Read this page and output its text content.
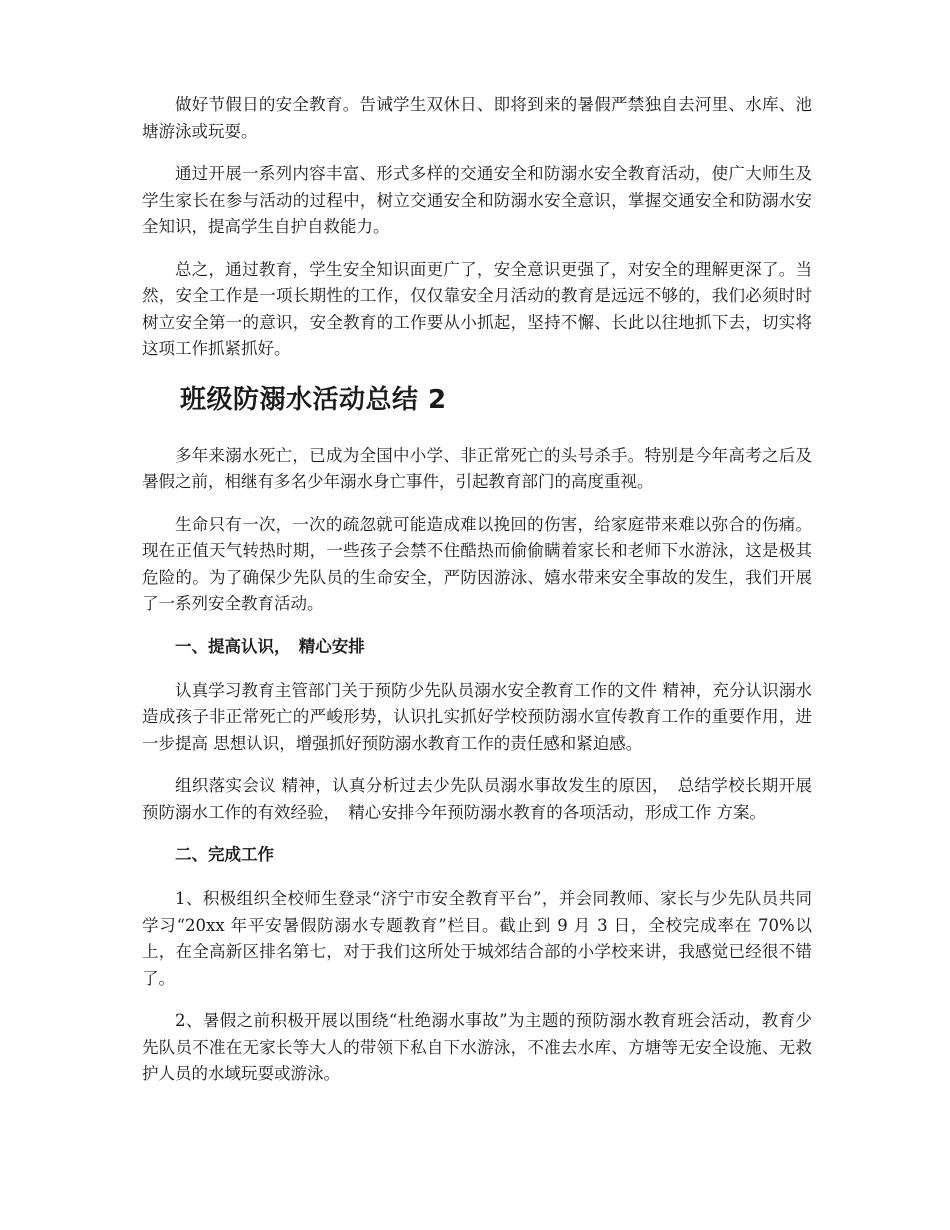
做好节假日的安全教育。告诫学生双休日、即将到来的暑假严禁独自去河里、水库、池塘游泳或玩耍。

通过开展一系列内容丰富、形式多样的交通安全和防溺水安全教育活动，使广大师生及学生家长在参与活动的过程中，树立交通安全和防溺水安全意识，掌握交通安全和防溺水安全知识，提高学生自护自救能力。

总之，通过教育，学生安全知识面更广了，安全意识更强了，对安全的理解更深了。当然，安全工作是一项长期性的工作，仅仅靠安全月活动的教育是远远不够的，我们必须时时树立安全第一的意识，安全教育的工作要从小抓起，坚持不懈、长此以往地抓下去，切实将这项工作抓紧抓好。

班级防溺水活动总结 2

多年来溺水死亡，已成为全国中小学、非正常死亡的头号杀手。特别是今年高考之后及暑假之前，相继有多名少年溺水身亡事件，引起教育部门的高度重视。

生命只有一次，一次的疏忽就可能造成难以挽回的伤害，给家庭带来难以弥合的伤痛。现在正值天气转热时期，一些孩子会禁不住酷热而偷偷瞒着家长和老师下水游泳，这是极其危险的。为了确保少先队员的生命安全，严防因游泳、嬉水带来安全事故的发生，我们开展了一系列安全教育活动。

一、提高认识，　精心安排

认真学习教育主管部门关于预防少先队员溺水安全教育工作的文件 精神，充分认识溺水造成孩子非正常死亡的严峻形势，认识扎实抓好学校预防溺水宣传教育工作的重要作用，进一步提高 思想认识，增强抓好预防溺水教育工作的责任感和紧迫感。

组织落实会议 精神，认真分析过去少先队员溺水事故发生的原因，　总结学校长期开展预防溺水工作的有效经验，　精心安排今年预防溺水教育的各项活动，形成工作 方案。

二、完成工作

1、积极组织全校师生登录“济宁市安全教育平台”，并会同教师、家长与少先队员共同学习“20xx 年平安暑假防溺水专题教育”栏目。截止到 9 月 3 日，全校完成率在 70%以上，在全高新区排名第七，对于我们这所处于城郊结合部的小学校来讲，我感觉已经很不错了。

2、暑假之前积极开展以围绕“杜绝溺水事故”为主题的预防溺水教育班会活动，教育少先队员不准在无家长等大人的带领下私自下水游泳，不准去水库、方塘等无安全设施、无救护人员的水域玩耍或游泳。
